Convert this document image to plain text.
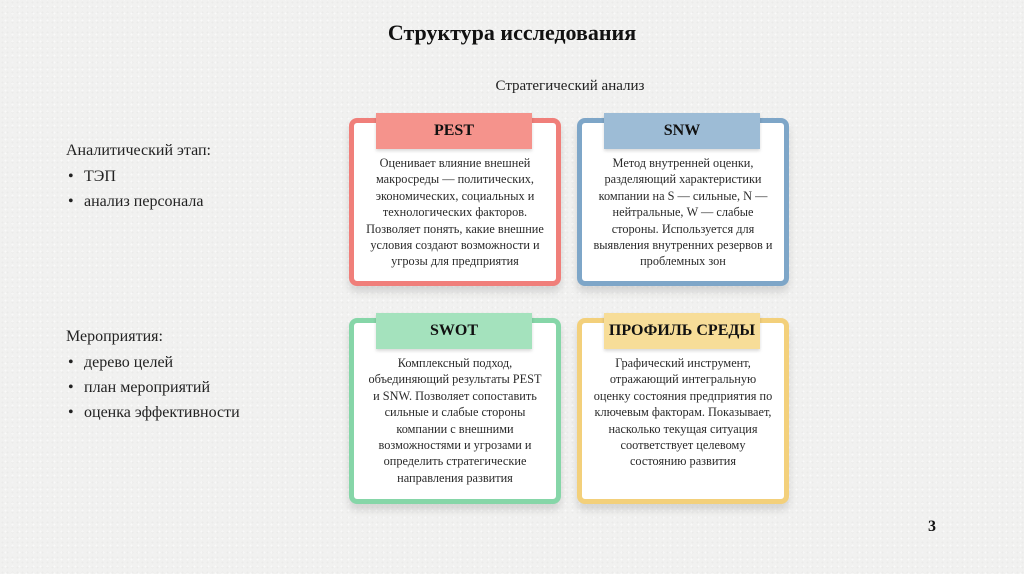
Структура исследования
Стратегический анализ
Аналитический этап:
• ТЭП
• анализ персонала
Мероприятия:
• дерево целей
• план мероприятий
• оценка эффективности
PEST
Оценивает влияние внешней макросреды — политических, экономических, социальных и технологических факторов. Позволяет понять, какие внешние условия создают возможности и угрозы для предприятия
SNW
Метод внутренней оценки, разделяющий характеристики компании на S — сильные, N — нейтральные, W — слабые стороны. Используется для выявления внутренних резервов и проблемных зон
SWOT
Комплексный подход, объединяющий результаты PEST и SNW. Позволяет сопоставить сильные и слабые стороны компании с внешними возможностями и угрозами и определить стратегические направления развития
ПРОФИЛЬ СРЕДЫ
Графический инструмент, отражающий интегральную оценку состояния предприятия по ключевым факторам. Показывает, насколько текущая ситуация соответствует целевому состоянию развития
3
